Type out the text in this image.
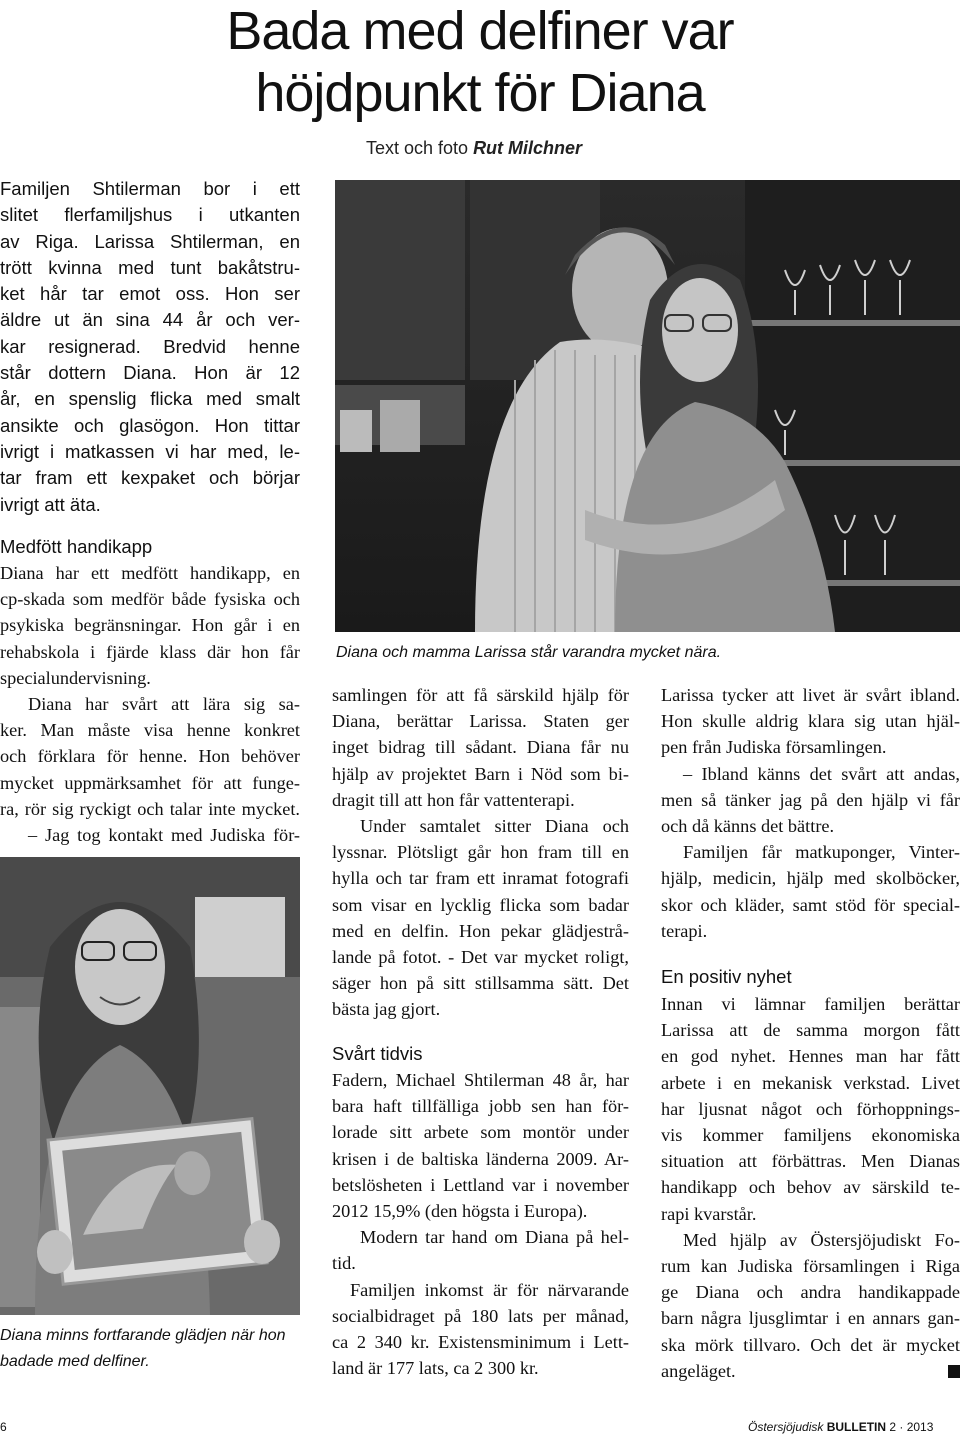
Bada med delfiner var
höjdpunkt för Diana
Text och foto Rut Milchner
Familjen Shtilerman bor i ett
slitet flerfamiljshus i utkanten
av Riga. Larissa Shtilerman, en
trött kvinna med tunt bakåtstru-
ket hår tar emot oss. Hon ser
äldre ut än sina 44 år och ver-
kar resignerad. Bredvid henne
står dottern Diana. Hon är 12
år, en spenslig flicka med smalt
ansikte och glasögon. Hon tittar
ivrigt i matkassen vi har med, le-
tar fram ett kexpaket och börjar
ivrigt att äta.
Medfött handikapp
Diana har ett medfött handikapp, en
cp-skada som medför både fysiska och
psykiska begränsningar. Hon går i en
rehabskola i fjärde klass där hon får
specialundervisning.
Diana har svårt att lära sig sa-
ker. Man måste visa henne konkret
och förklara för henne. Hon behöver
mycket uppmärksamhet för att funge-
ra, rör sig ryckigt och talar inte mycket.
– Jag tog kontakt med Judiska för-
Diana och mamma Larissa står varandra mycket nära.
Diana minns fortfarande glädjen när hon
badade med delfiner.
samlingen för att få särskild hjälp för
Diana, berättar Larissa. Staten ger
inget bidrag till sådant. Diana får nu
hjälp av projektet Barn i Nöd som bi-
dragit till att hon får vattenterapi.
Under samtalet sitter Diana och
lyssnar. Plötsligt går hon fram till en
hylla och tar fram ett inramat fotografi
som visar en lycklig flicka som badar
med en delfin. Hon pekar glädjestrå-
lande på fotot. - Det var mycket roligt,
säger hon på sitt stillsamma sätt. Det
bästa jag gjort.
Svårt tidvis
Fadern, Michael Shtilerman 48 år, har
bara haft tillfälliga jobb sen han för-
lorade sitt arbete som montör under
krisen i de baltiska länderna 2009. Ar-
betslösheten i Lettland var i november
2012 15,9% (den högsta i Europa).
Modern tar hand om Diana på hel-
tid.
Familjen inkomst är för närvarande
socialbidraget på 180 lats per månad,
ca 2 340 kr. Existensminimum i Lett-
land är 177 lats, ca 2 300 kr.
Larissa tycker att livet är svårt ibland.
Hon skulle aldrig klara sig utan hjäl-
pen från Judiska församlingen.
– Ibland känns det svårt att andas,
men så tänker jag på den hjälp vi får
och då känns det bättre.
Familjen får matkuponger, Vinter-
hjälp, medicin, hjälp med skolböcker,
skor och kläder, samt stöd för special-
terapi.
En positiv nyhet
Innan vi lämnar familjen berättar
Larissa att de samma morgon fått
en god nyhet. Hennes man har fått
arbete i en mekanisk verkstad. Livet
har ljusnat något och förhoppnings-
vis kommer familjens ekonomiska
situation att förbättras. Men Dianas
handikapp och behov av särskild te-
rapi kvarstår.
Med hjälp av Östersjöjudiskt Fo-
rum kan Judiska församlingen i Riga
ge Diana och andra handikappade
barn några ljusglimtar i en annars gan-
ska mörk tillvaro. Och det är mycket
angeläget.
6	Östersjöjudisk BULLETIN 2 · 2013
